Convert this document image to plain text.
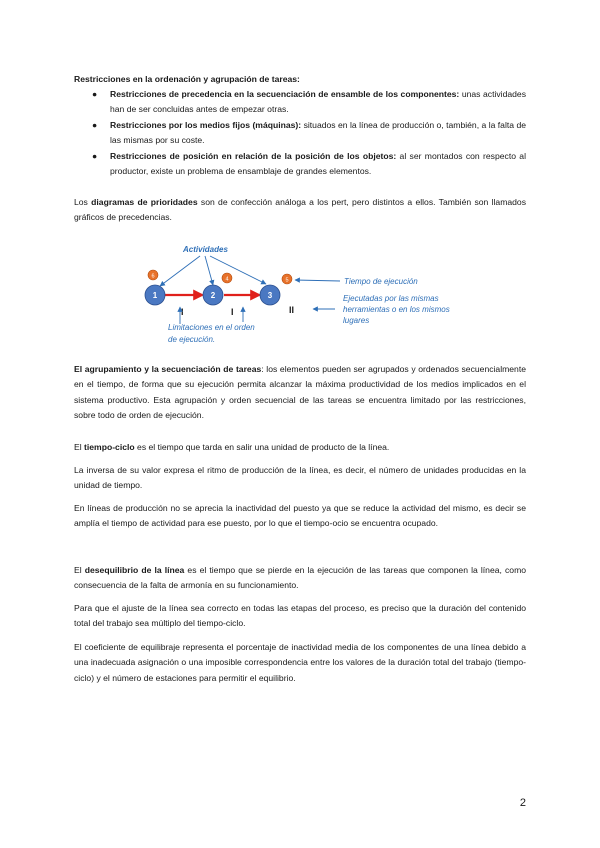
Restricciones en la ordenación y agrupación de tareas:

●	Restricciones de precedencia en la secuenciación de ensamble de los componentes: unas actividades han de ser concluidas antes de empezar otras.

●	Restricciones por los medios fijos (máquinas): situados en la línea de producción o, también, a la falta de las mismas por su coste.

●	Restricciones de posición en relación de la posición de los objetos: al ser montados con respecto al productor, existe un problema de ensamblaje de grandes elementos.

Los diagramas de prioridades son de confección análoga a los pert, pero distintos a ellos. También son llamados gráficos de precedencias.

Actividades
6	4	5	Tiempo de ejecución
1	2	3
I	I	II
Ejecutadas por las mismas
herramientas o en los mismos
lugares
Limitaciones en el orden
de ejecución.

El agrupamiento y la secuenciación de tareas: los elementos pueden ser agrupados y ordenados secuencialmente en el tiempo, de forma que su ejecución permita alcanzar la máxima productividad de los medios implicados en el sistema productivo. Esta agrupación y orden secuencial de las tareas se encuentra limitado por las restricciones, sobre todo de orden de ejecución.

El tiempo-ciclo es el tiempo que tarda en salir una unidad de producto de la línea.

La inversa de su valor expresa el ritmo de producción de la línea, es decir, el número de unidades producidas en la unidad de tiempo.

En líneas de producción no se aprecia la inactividad del puesto ya que se reduce la actividad del mismo, es decir se amplía el tiempo de actividad para ese puesto, por lo que el tiempo-ocio se encuentra ocupado.

El desequilibrio de la línea es el tiempo que se pierde en la ejecución de las tareas que componen la línea, como consecuencia de la falta de armonía en su funcionamiento.

Para que el ajuste de la línea sea correcto en todas las etapas del proceso, es preciso que la duración del contenido total del trabajo sea múltiplo del tiempo-ciclo.

El coeficiente de equilibraje representa el porcentaje de inactividad media de los componentes de una línea debido a una inadecuada asignación o una imposible correspondencia entre los valores de la duración total del trabajo (tiempo-ciclo) y el número de estaciones para permitir el equilibrio.

2
